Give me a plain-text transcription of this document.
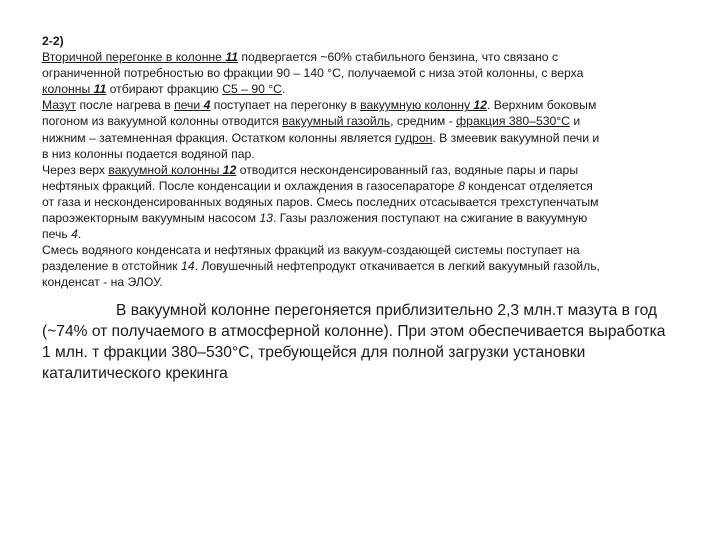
2-2)
Вторичной перегонке в колонне 11 подвергается ~60% стабильного бензина, что связано с
ограниченной потребностью во фракции 90 – 140 °С, получаемой с низа этой колонны, с верха
колонны 11 отбирают фракцию С5 – 90 °С.
Мазут после нагрева в печи 4 поступает на перегонку в вакуумную колонну 12. Верхним боковым
погоном из вакуумной колонны отводится вакуумный газойль, средним - фракция 380–530°С и
нижним – затемненная фракция. Остатком колонны является гудрон. В змеевик вакуумной печи и
в низ колонны подается водяной пар.
Через верх вакуумной колонны 12 отводится несконденсированный газ, водяные пары и пары
нефтяных фракций. После конденсации и охлаждения в газосепараторе 8 конденсат отделяется
от газа и несконденсированных водяных паров. Смесь последних отсасывается трехступенчатым
пароэжекторным вакуумным насосом 13. Газы разложения поступают на сжигание в вакуумную
печь 4.
Смесь водяного конденсата и нефтяных фракций из вакуум-создающей системы поступает на
разделение в отстойник 14. Ловушечный нефтепродукт откачивается в легкий вакуумный газойль,
конденсат - на ЭЛОУ.
В вакуумной колонне перегоняется приблизительно 2,3 млн.т мазута в год
(~74% от получаемого в атмосферной колонне). При этом обеспечивается выработка
1 млн. т фракции 380–530°С, требующейся для полной загрузки установки
каталитического крекинга
